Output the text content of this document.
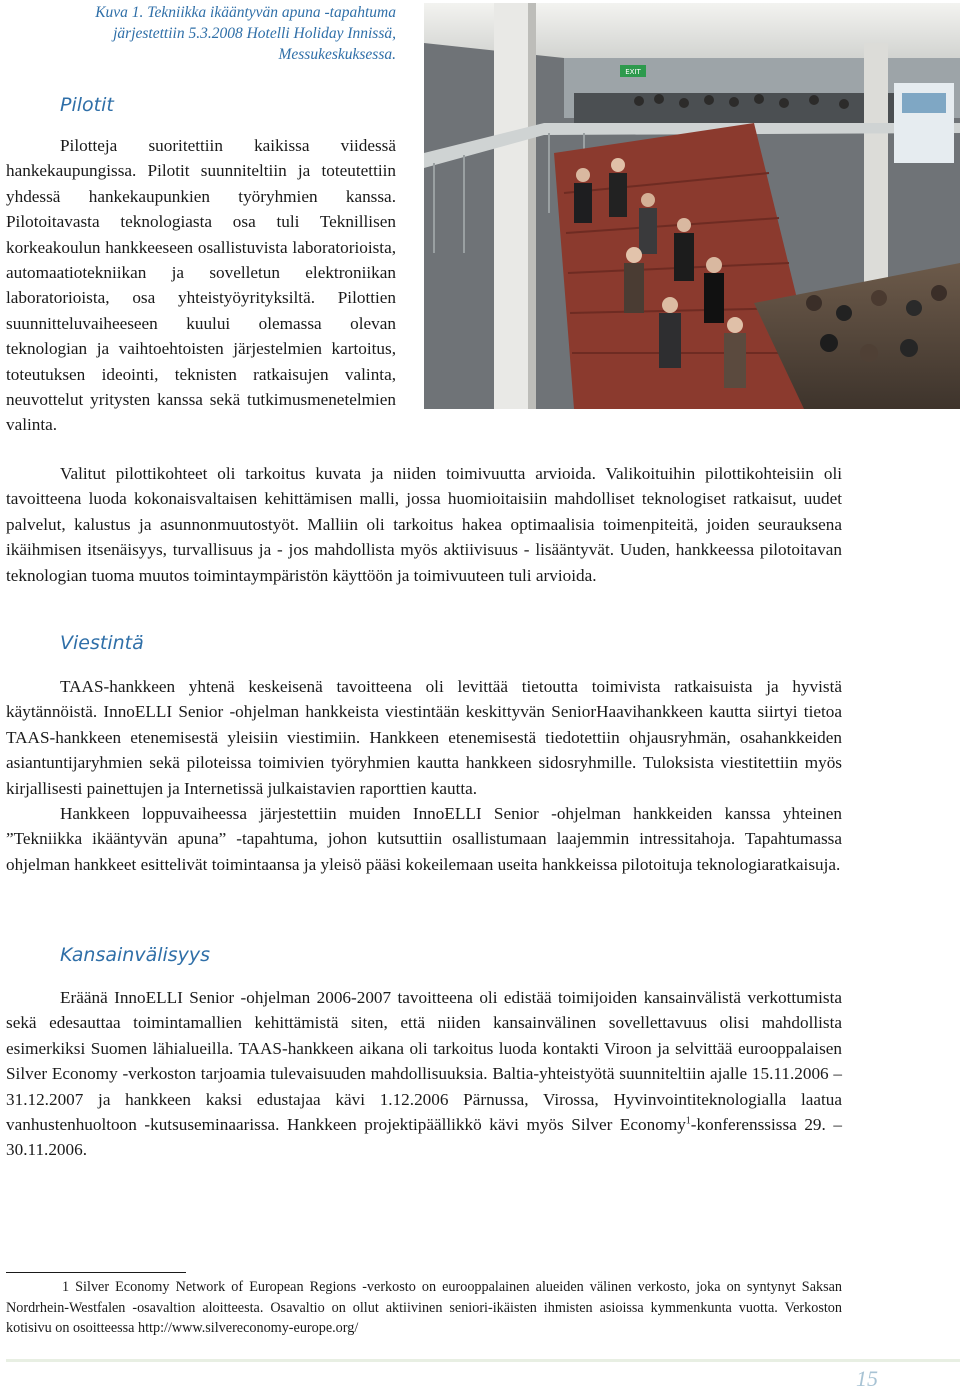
Kuva 1. Tekniikka ikääntyvän apuna -tapahtuma
järjestettiin 5.3.2008 Hotelli Holiday Innissä,
Messukeskuksessa.
EXIT
Pilotit

Pilotteja suoritettiin kaikissa viidessä hankekaupungissa. Pilotit suunniteltiin ja toteutettiin yhdessä hankekaupunkien työryhmien kanssa. Pilotoitavasta teknologiasta osa tuli Teknillisen korkeakoulun hankkeeseen osallistuvista laboratorioista, automaatiotekniikan ja sovelletun elektroniikan laboratorioista, osa yhteistyöyrityksiltä. Pilottien suunnitteluvaiheeseen kuului olemassa olevan teknologian ja vaihtoehtoisten järjestelmien kartoitus, toteutuksen ideointi, teknisten ratkaisujen valinta, neuvottelut yritysten kanssa sekä tutkimusmenetelmien valinta.

Valitut pilottikohteet oli tarkoitus kuvata ja niiden toimivuutta arvioida. Valikoituihin pilottikohteisiin oli tavoitteena luoda kokonaisvaltaisen kehittämisen malli, jossa huomioitaisiin mahdolliset teknologiset ratkaisut, uudet palvelut, kalustus ja asunnonmuutostyöt. Malliin oli tarkoitus hakea optimaalisia toimenpiteitä, joiden seurauksena ikäihmisen itsenäisyys, turvallisuus ja - jos mahdollista myös aktiivisuus - lisääntyvät. Uuden, hankkeessa pilotoitavan teknologian tuoma muutos toimintaympäristön käyttöön ja toimivuuteen tuli arvioida.

Viestintä

TAAS-hankkeen yhtenä keskeisenä tavoitteena oli levittää tietoutta toimivista ratkaisuista ja hyvistä käytännöistä. InnoELLI Senior -ohjelman hankkeista viestintään keskittyvän SeniorHaavihankkeen kautta siirtyi tietoa TAAS-hankkeen etenemisestä yleisiin viestimiin. Hankkeen etenemisestä tiedotettiin ohjausryhmän, osahankkeiden asiantuntijaryhmien sekä piloteissa toimivien työryhmien kautta hankkeen sidosryhmille. Tuloksista viestitettiin myös kirjallisesti painettujen ja Internetissä julkaistavien raporttien kautta.

Hankkeen loppuvaiheessa järjestettiin muiden InnoELLI Senior -ohjelman hankkeiden kanssa yhteinen ”Tekniikka ikääntyvän apuna” -tapahtuma, johon kutsuttiin osallistumaan laajemmin intressitahoja. Tapahtumassa ohjelman hankkeet esittelivät toimintaansa ja yleisö pääsi kokeilemaan useita hankkeissa pilotoituja teknologiaratkaisuja.

Kansainvälisyys

Eräänä InnoELLI Senior -ohjelman 2006-2007 tavoitteena oli edistää toimijoiden kansainvälistä verkottumista sekä edesauttaa toimintamallien kehittämistä siten, että niiden kansainvälinen sovellettavuus olisi mahdollista esimerkiksi Suomen lähialueilla. TAAS-hankkeen aikana oli tarkoitus luoda kontakti Viroon ja selvittää eurooppalaisen Silver Economy -verkoston tarjoamia tulevaisuuden mahdollisuuksia. Baltia-yhteistyötä suunniteltiin ajalle 15.11.2006 – 31.12.2007 ja hankkeen kaksi edustajaa kävi 1.12.2006 Pärnussa, Virossa, Hyvinvointiteknologialla laatua vanhustenhuoltoon -kutsuseminaarissa. Hankkeen projektipäällikkö kävi myös Silver Economy$^1$-konferenssissa 29. – 30.11.2006.

1 Silver Economy Network of European Regions -verkosto on eurooppalainen alueiden välinen verkosto, joka on syntynyt Saksan Nordrhein-Westfalen -osavaltion aloitteesta. Osavaltio on ollut aktiivinen seniori-ikäisten ihmisten asioissa kymmenkunta vuotta. Verkoston kotisivu on osoitteessa http://www.silvereconomy-europe.org/

15
